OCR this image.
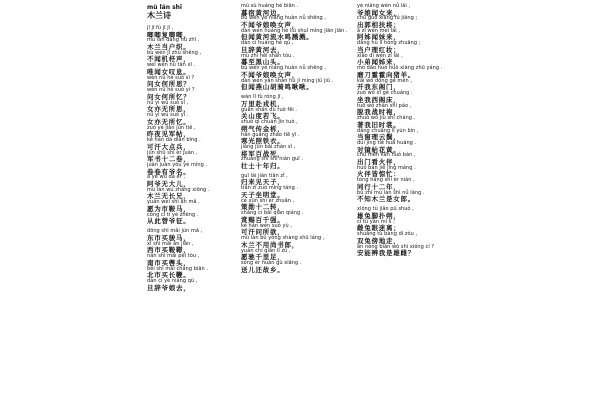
mù lán shī
木兰诗
jī jī fù jī jī ,
唧唧复唧唧，
mù lán dāng hù zhī .
木兰当户织。
bù wén jī zhù shēng ,
不闻机杼声，
wéi wén nǚ tàn xī .
唯闻女叹息。
wèn nǚ hé suǒ sī ?
问女何所思？
wèn nǚ hé suǒ yì ?
问女何所忆？
nǚ yì wú suǒ sī ,
女亦无所思，
nǚ yì wú suǒ yì .
女亦无所忆。
zuó yè jiàn jūn tiě ,
昨夜见军帖，
kě hàn dà diǎn bīng .
可汗大点兵，
jūn shū shí èr juàn ,
军书十二卷，
juàn juàn yǒu yé míng .
卷卷有爷名。
ā yé wú dà ér ,
阿爷无大儿，
mù lán wú zhǎng xiōng .
木兰无长兄，
yuàn wèi shì ān mǎ ,
愿为市鞍马，
cóng cǐ tì yé zhēng .
从此替爷征。
dōng shì mǎi jùn mǎ ,
东市买骏马，
xī shì mǎi ān jiān ,
西市买鞍鞯，
nán shì mǎi pèi tóu ,
南市买辔头，
běi shì mǎi cháng biān .
北市买长鞭。
dàn cí yé niáng qù ,
旦辞爷娘去，
mù sù huáng hé biān .
暮宿黄河边。
bù wén yé niáng huàn nǚ shēng ,
不闻爷娘唤女声，
dàn wén huáng hé liú shuǐ míng jiān jiān .
但闻黄河流水鸣溅溅。
dàn cí huáng hé qù ,
旦辞黄河去，
mù zhì hēi shān tóu .
暮至黑山头。
bù wén yé niáng huàn nǚ shēng ,
不闻爷娘唤女声，
dàn wén yān shān hú jì míng jiū jiū .
但闻燕山胡骑鸣啾啾。
wàn lǐ fù róng jī ,
万里赴戎机，
guān shān dù ruò fēi .
关山度若飞。
shuò qì chuán jīn tuò ,
朔气传金柝，
hán guāng zhào tiě yī .
寒光照铁衣。
jiāng jūn bǎi zhàn sǐ ,
将军百战死，
zhuàng shì shí nián guī .
壮士十年归。
guī lái jiàn tiān zǐ ,
归来见天子，
tiān zǐ zuò míng táng .
天子坐明堂。
cè xūn shí èr zhuǎn ,
策勋十二转，
shǎng cì bǎi qiān qiáng .
赏赐百千强。
kè hán wèn suǒ yù ,
可汗问所欲，
mù lán bù yòng shàng shū láng ,
木兰不用尚书郎，
yuàn chí qiān lǐ zú ,
愿驰千里足，
sòng ér huán gù xiāng .
送儿还故乡。
yé niáng wén nǚ lái ,
爷娘闻女来，
chū guō xiāng fú jiāng ;
出郭相扶将；
ā zǐ wén mèi lái ,
阿姊闻妹来，
dāng hù lǐ hóng zhuāng ;
当户理红妆；
xiǎo dì wén zǐ lái ,
小弟闻姊来，
mó dāo huò huò xiàng zhū yáng .
磨刀霍霍向猪羊。
kāi wǒ dōng gé mén ,
开我东阁门，
zuò wǒ xī gé chuáng .
坐我西阁床，
tuō wǒ zhàn shí páo ,
脱我战时袍，
zhuó wǒ jiù shí cháng .
著我旧时裳。
dāng chuāng lǐ yún bìn ,
当窗理云鬓，
duì jìng tiē huā huáng .
对镜帖花黄。
chū mén kàn huǒ bàn ,
出门看火伴，
huǒ bàn jiē jīng máng .
火伴皆惊忙：
tóng háng shí èr nián ,
同行十二年，
bù zhī mù lán shì nǚ láng .
不知木兰是女郎。
xióng tù jiǎo pū shuò ,
雄兔脚扑朔，
cí tù yǎn mí lí ;
雌兔眼迷离；
shuāng tù bàng dì zǒu ,
双兔傍地走，
ān néng biàn wǒ shì xióng cí ?
安能辨我是雄雌？
